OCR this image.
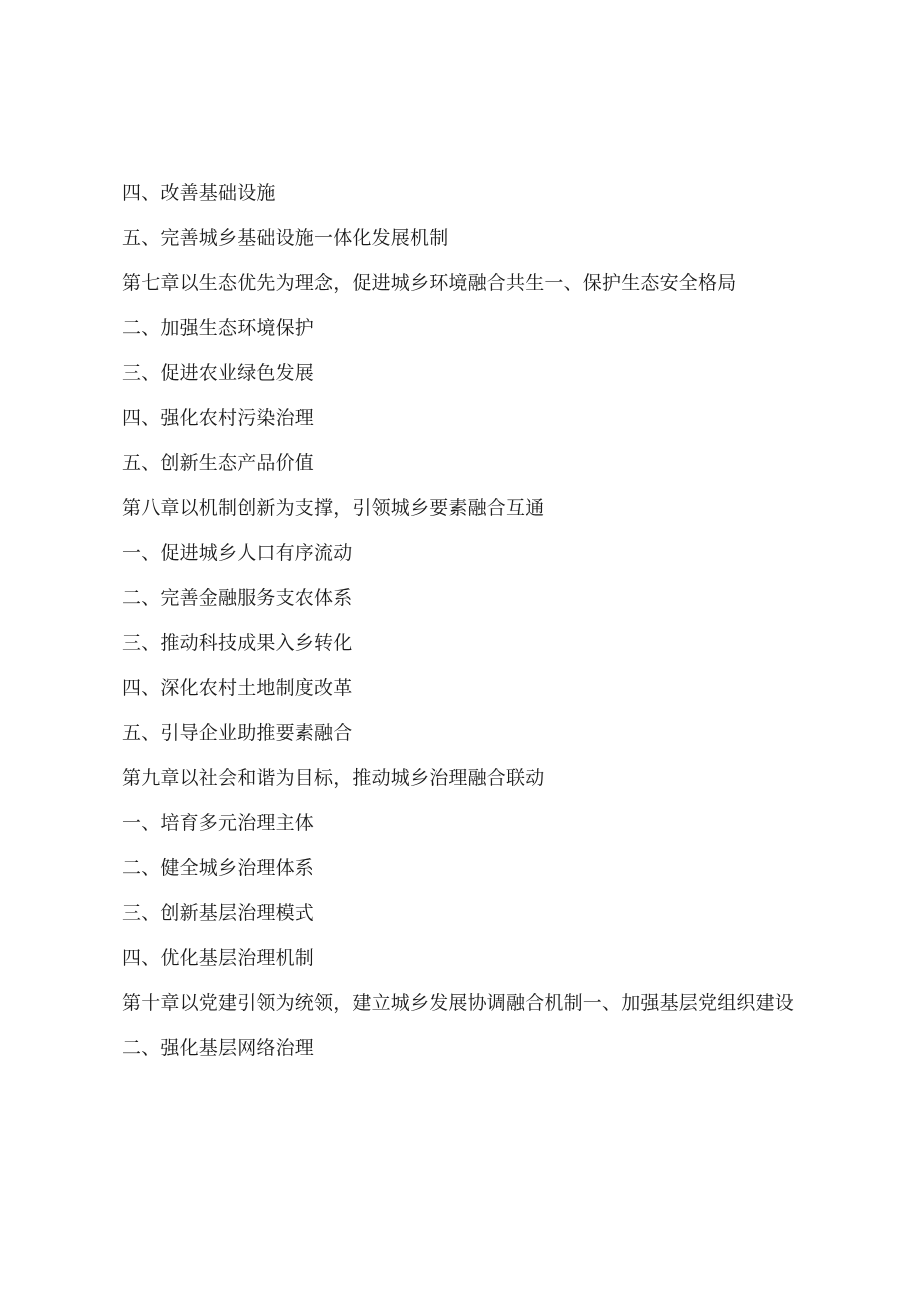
四、改善基础设施

五、完善城乡基础设施一体化发展机制

第七章以生态优先为理念，促进城乡环境融合共生一、保护生态安全格局

二、加强生态环境保护

三、促进农业绿色发展

四、强化农村污染治理

五、创新生态产品价值

第八章以机制创新为支撑，引领城乡要素融合互通

一、促进城乡人口有序流动

二、完善金融服务支农体系

三、推动科技成果入乡转化

四、深化农村土地制度改革

五、引导企业助推要素融合

第九章以社会和谐为目标，推动城乡治理融合联动

一、培育多元治理主体

二、健全城乡治理体系

三、创新基层治理模式

四、优化基层治理机制

第十章以党建引领为统领，建立城乡发展协调融合机制一、加强基层党组织建设

二、强化基层网络治理
